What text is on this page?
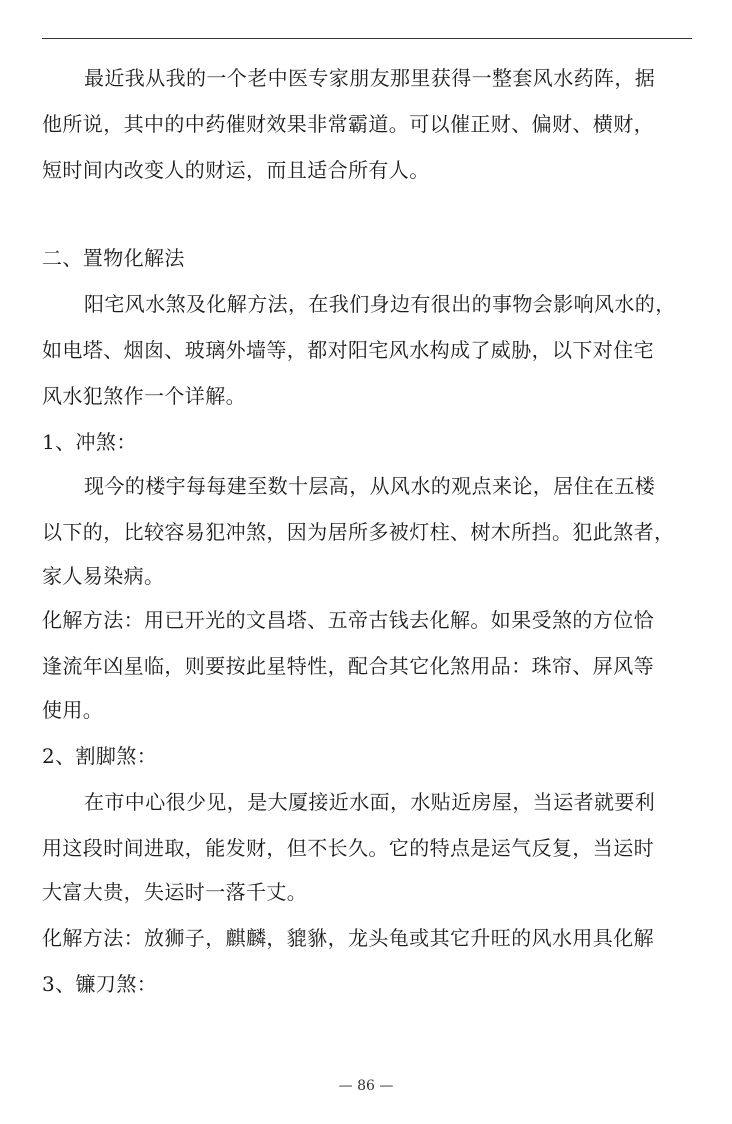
最近我从我的一个老中医专家朋友那里获得一整套风水药阵，据
他所说，其中的中药催财效果非常霸道。可以催正财、偏财、横财，
短时间内改变人的财运，而且适合所有人。
二、置物化解法
阳宅风水煞及化解方法，在我们身边有很出的事物会影响风水的，
如电塔、烟囱、玻璃外墙等，都对阳宅风水构成了威胁，以下对住宅
风水犯煞作一个详解。
1、冲煞：
现今的楼宇每每建至数十层高，从风水的观点来论，居住在五楼
以下的，比较容易犯冲煞，因为居所多被灯柱、树木所挡。犯此煞者，
家人易染病。
化解方法：用已开光的文昌塔、五帝古钱去化解。如果受煞的方位恰
逢流年凶星临，则要按此星特性，配合其它化煞用品：珠帘、屏风等
使用。
2、割脚煞：
在市中心很少见，是大厦接近水面，水贴近房屋，当运者就要利
用这段时间进取，能发财，但不长久。它的特点是运气反复，当运时
大富大贵，失运时一落千丈。
化解方法：放狮子，麒麟，貔貅，龙头龟或其它升旺的风水用具化解
3、镰刀煞：
— 86 —
